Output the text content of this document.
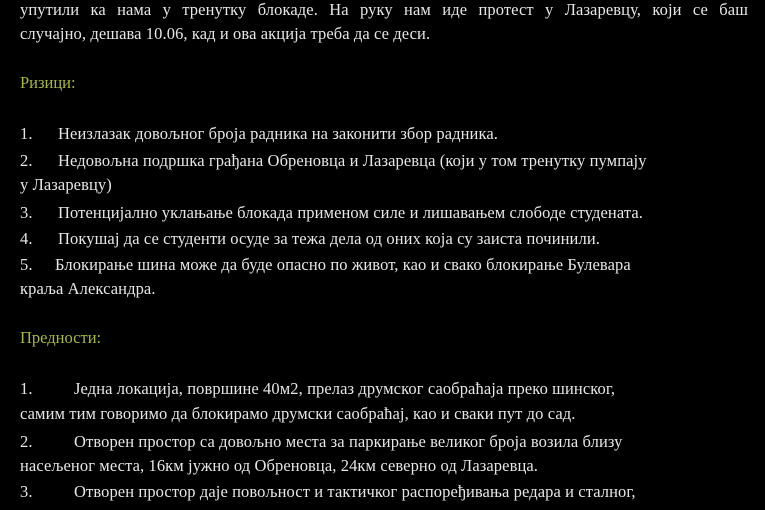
упутили ка нама у тренутку блокаде. На руку нам иде протест у Лазаревцу, који се баш
случајно, дешава 10.06, кад и ова акција треба да се деси.
Ризици:
1. Неизлазак довољног броја радника на законити збор радника.
2. Недовољна подршка грађана Обреновца и Лазаревца (који у том тренутку пумпају
у Лазаревцу)
3. Потенцијално уклањање блокада применом силе и лишавањем слободе студената.
4. Покушај да се студенти осуде за тежа дела од оних која су заиста починили.
5. Блокирање шина може да буде опасно по живот, као и свако блокирање Булевара
краља Александра.
Предности:
1.	Једна локација, површине 40м2, прелаз друмског саобраћаја преко шинског,
самим тим говоримо да блокирамо друмски саобраћај, као и сваки пут до сад.
2.	Отворен простор са довољно места за паркирање великог броја возила близу
насељеног места, 16км јужно од Обреновца, 24км северно од Лазаревца.
3.	Отворен простор даје повољност и тактичког распоређивања редара и сталног,
